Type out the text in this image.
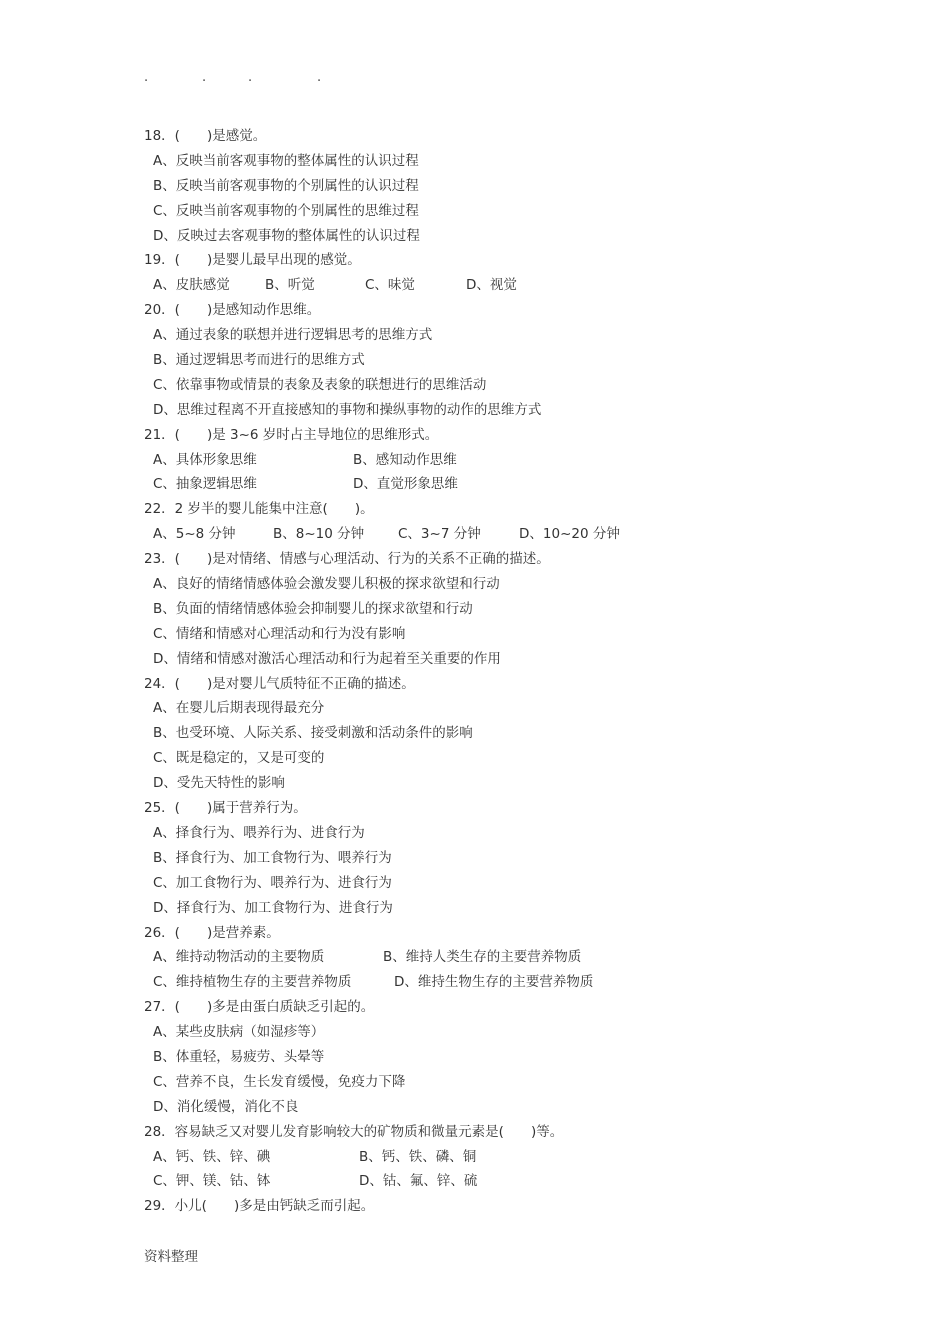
.	.	.	.
18．(　　)是感觉。
A、反映当前客观事物的整体属性的认识过程
B、反映当前客观事物的个别属性的认识过程
C、反映当前客观事物的个别属性的思维过程
D、反映过去客观事物的整体属性的认识过程
19．(　　)是婴儿最早出现的感觉。
A、皮肤感觉	B、听觉	C、味觉	D、视觉
20．(　　)是感知动作思维。
A、通过表象的联想并进行逻辑思考的思维方式
B、通过逻辑思考而进行的思维方式
C、依靠事物或情景的表象及表象的联想进行的思维活动
D、思维过程离不开直接感知的事物和操纵事物的动作的思维方式
21．(　　)是 3~6 岁时占主导地位的思维形式。
A、具体形象思维	B、感知动作思维
C、抽象逻辑思维	D、直觉形象思维
22．2 岁半的婴儿能集中注意(　　)。
A、5~8 分钟	B、8~10 分钟	C、3~7 分钟	D、10~20 分钟
23．(　　)是对情绪、情感与心理活动、行为的关系不正确的描述。
A、良好的情绪情感体验会激发婴儿积极的探求欲望和行动
B、负面的情绪情感体验会抑制婴儿的探求欲望和行动
C、情绪和情感对心理活动和行为没有影响
D、情绪和情感对激活心理活动和行为起着至关重要的作用
24．(　　)是对婴儿气质特征不正确的描述。
A、在婴儿后期表现得最充分
B、也受环境、人际关系、接受刺激和活动条件的影响
C、既是稳定的，又是可变的
D、受先天特性的影响
25．(　　)属于营养行为。
A、择食行为、喂养行为、进食行为
B、择食行为、加工食物行为、喂养行为
C、加工食物行为、喂养行为、进食行为
D、择食行为、加工食物行为、进食行为
26．(　　)是营养素。
A、维持动物活动的主要物质	B、维持人类生存的主要营养物质
C、维持植物生存的主要营养物质	D、维持生物生存的主要营养物质
27．(　　)多是由蛋白质缺乏引起的。
A、某些皮肤病（如湿疹等）
B、体重轻，易疲劳、头晕等
C、营养不良，生长发育缓慢，免疫力下降
D、消化缓慢，消化不良
28．容易缺乏又对婴儿发育影响较大的矿物质和微量元素是(　　)等。
A、钙、铁、锌、碘	B、钙、铁、磷、铜
C、钾、镁、钴、钵	D、钴、氟、锌、硫
29．小儿(　　)多是由钙缺乏而引起。
资料整理
